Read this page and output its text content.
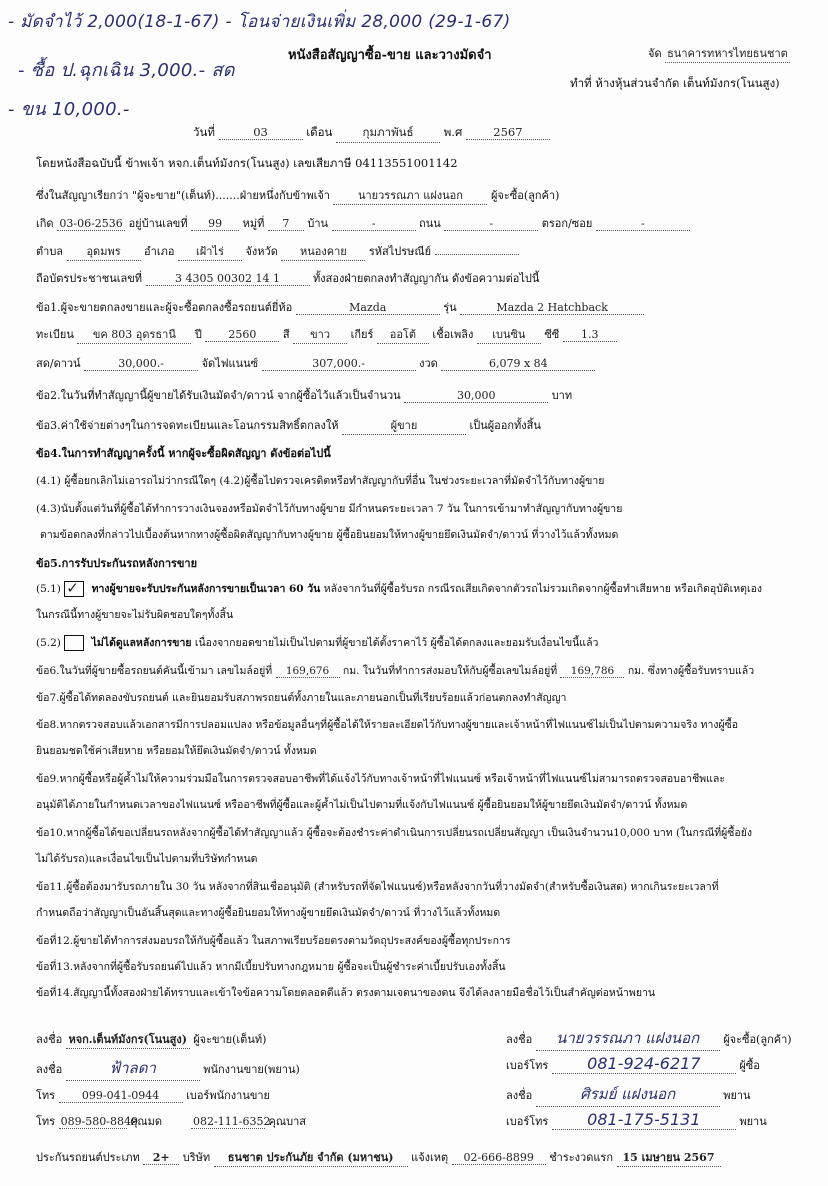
- มัดจำไว้ 2,000(18-1-67) - โอนจ่ายเงินเพิ่ม 28,000 (29-1-67)
- ซื้อ ป.ฉุกเฉิน 3,000.- สด
- ขน 10,000.-
หนังสือสัญญาซื้อ-ขาย และวางมัดจำ	จัด ธนาคารทหารไทยธนชาต
ทำที่ ห้างหุ้นส่วนจำกัด เต็นท์มังกร(โนนสูง)
วันที่	03	เดือน	กุมภาพันธ์	พ.ศ	2567
โดยหนังสือฉบับนี้ ข้าพเจ้า หจก.เต็นท์มังกร(โนนสูง) เลขเสียภาษี 04113551001142
ซึ่งในสัญญาเรียกว่า "ผู้จะขาย"(เต็นท์).......ฝ่ายหนึ่งกับข้าพเจ้า	นายวรรณภา แฝงนอก	ผู้จะซื้อ(ลูกค้า)
เกิด 03-06-2536 อยู่บ้านเลขที่ 99 หมู่ที่ 7 บ้าน	-	ถนน	-	ตรอก/ซอย	-
ตำบล อุดมพร อำเภอ เฝ้าไร่ จังหวัด หนองคาย รหัสไปรษณีย์
ถือบัตรประชาชนเลขที่	3 4305 00302 14 1	ทั้งสองฝ่ายตกลงทำสัญญากัน ดังข้อความต่อไปนี้
ข้อ1.ผู้จะขายตกลงขายและผู้จะซื้อตกลงซื้อรถยนต์ยี่ห้อ	Mazda	รุ่น	Mazda 2 Hatchback
ทะเบียน ขค 803 อุดรธานี ปี 2560 สี ขาว เกียร์ ออโต้ เชื้อเพลิง เบนซิน ซีซี 1.3
สด/ดาวน์	30,000.-	จัดไฟแนนซ์	307,000.-	งวด	6,079 x 84
ข้อ2.ในวันที่ทำสัญญานี้ผู้ขายได้รับเงินมัดจำ/ดาวน์ จากผู้ซื้อไว้แล้วเป็นจำนวน	30,000	บาท
ข้อ3.ค่าใช้จ่ายต่างๆในการจดทะเบียนและโอนกรรมสิทธิ์ตกลงให้	ผู้ขาย	เป็นผู้ออกทั้งสิ้น
ข้อ4.ในการทำสัญญาครั้งนี้ หากผู้จะซื้อผิดสัญญา ดังข้อต่อไปนี้
(4.1) ผู้ซื้อยกเลิกไม่เอารถไม่ว่ากรณีใดๆ (4.2)ผู้ซื้อไปตรวจเครดิตหรือทำสัญญากับที่อื่น ในช่วงระยะเวลาที่มัดจำไว้กับทางผู้ขาย
(4.3)นับตั้งแต่วันที่ผู้ซื้อได้ทำการวางเงินจองหรือมัดจำไว้กับทางผู้ขาย มีกำหนดระยะเวลา 7 วัน ในการเข้ามาทำสัญญากับทางผู้ขาย
ตามข้อตกลงที่กล่าวไปเบื้องต้นหากทางผู้ซื้อผิดสัญญากับทางผู้ขาย ผู้ซื้อยินยอมให้ทางผู้ขายยึดเงินมัดจำ/ดาวน์ ที่วางไว้แล้วทั้งหมด
ข้อ5.การรับประกันรถหลังการขาย
(5.1) ✓ ทางผู้ขายจะรับประกันหลังการขายเป็นเวลา 60 วัน หลังจากวันที่ผู้ซื้อรับรถ กรณีรถเสียเกิดจากตัวรถไม่รวมเกิดจากผู้ซื้อทำเสียหาย หรือเกิดอุบัติเหตุเอง
ในกรณีนี้ทางผู้ขายจะไม่รับผิดชอบใดๆทั้งสิ้น
(5.2)	ไม่ได้ดูแลหลังการขาย เนื่องจากยอดขายไม่เป็นไปตามที่ผู้ขายได้ตั้งราคาไว้ ผู้ซื้อได้ตกลงและยอมรับเงื่อนไขนี้แล้ว
ข้อ6.ในวันที่ผู้ขายซื้อรถยนต์คันนี้เข้ามา เลขไมล์อยู่ที่ 169,676 กม. ในวันที่ทำการส่งมอบให้กับผู้ซื้อเลขไมล์อยู่ที่ 169,786 กม. ซึ่งทางผู้ซื้อรับทราบแล้ว
ข้อ7.ผู้ซื้อได้ทดลองขับรถยนต์ และยินยอมรับสภาพรถยนต์ทั้งภายในและภายนอกเป็นที่เรียบร้อยแล้วก่อนตกลงทำสัญญา
ข้อ8.หากตรวจสอบแล้วเอกสารมีการปลอมแปลง หรือข้อมูลอื่นๆที่ผู้ซื้อได้ให้รายละเอียดไว้กับทางผู้ขายและเจ้าหน้าที่ไฟแนนซ์ไม่เป็นไปตามความจริง ทางผู้ซื้อ
ยินยอมชดใช้ค่าเสียหาย หรือยอมให้ยึดเงินมัดจำ/ดาวน์ ทั้งหมด
ข้อ9.หากผู้ซื้อหรือผู้ค้ำไม่ให้ความร่วมมือในการตรวจสอบอาชีพที่ได้แจ้งไว้กับทางเจ้าหน้าที่ไฟแนนซ์ หรือเจ้าหน้าที่ไฟแนนซ์ไม่สามารถตรวจสอบอาชีพและ
อนุมัติได้ภายในกำหนดเวลาของไฟแนนซ์ หรืออาชีพที่ผู้ซื้อและผู้ค้ำไม่เป็นไปตามที่แจ้งกับไฟแนนซ์ ผู้ซื้อยินยอมให้ผู้ขายยึดเงินมัดจำ/ดาวน์ ทั้งหมด
ข้อ10.หากผู้ซื้อได้ขอเปลี่ยนรถหลังจากผู้ซื้อได้ทำสัญญาแล้ว ผู้ซื้อจะต้องชำระค่าดำเนินการเปลี่ยนรถเปลี่ยนสัญญา เป็นเงินจำนวน10,000 บาท (ในกรณีที่ผู้ซื้อยัง
ไม่ได้รับรถ)และเงื่อนไขเป็นไปตามที่บริษัทกำหนด
ข้อ11.ผู้ซื้อต้องมารับรถภายใน 30 วัน หลังจากที่สินเชื่ออนุมัติ (สำหรับรถที่จัดไฟแนนซ์)หรือหลังจากวันที่วางมัดจำ(สำหรับซื้อเงินสด) หากเกินระยะเวลาที่
กำหนดถือว่าสัญญาเป็นอันสิ้นสุดและทางผู้ซื้อยินยอมให้ทางผู้ขายยึดเงินมัดจำ/ดาวน์ ที่วางไว้แล้วทั้งหมด
ข้อที่12.ผู้ขายได้ทำการส่งมอบรถให้กับผู้ซื้อแล้ว ในสภาพเรียบร้อยตรงตามวัตถุประสงค์ของผู้ซื้อทุกประการ
ข้อที่13.หลังจากที่ผู้ซื้อรับรถยนต์ไปแล้ว หากมีเบี้ยปรับทางกฎหมาย ผู้ซื้อจะเป็นผู้ชำระค่าเบี้ยปรับเองทั้งสิ้น
ข้อที่14.สัญญานี้ทั้งสองฝ่ายได้ทราบและเข้าใจข้อความโดยตลอดดีแล้ว ตรงตามเจตนาของตน จึงได้ลงลายมือชื่อไว้เป็นสำคัญต่อหน้าพยาน
ลงชื่อ หจก.เต็นท์มังกร(โนนสูง) ผู้จะขาย(เต็นท์)
ลงชื่อ	ฟ้าลดา	พนักงานขาย(พยาน)
โทร 099-041-0944 เบอร์พนักงานขาย
โทร 089-580-8849 คุณมด	082-111-6352 คุณบาส
ลงชื่อ นายวรรณภา แฝงนอก ผู้จะซื้อ(ลูกค้า)
เบอร์โทร 081-924-6217	ผู้ซื้อ
ลงชื่อ	ศิรมย์ แฝงนอก	พยาน
เบอร์โทร 081-175-5131	พยาน
ประกันรถยนต์ประเภท 2+ บริษัท ธนชาต ประกันภัย จำกัด (มหาชน) แจ้งเหตุ 02-666-8899 ชำระงวดแรก 15 เมษายน 2567
